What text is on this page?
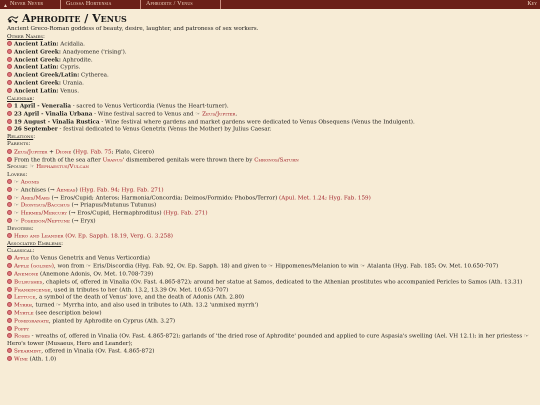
▲ Never Never	Glossa Hortensia	Aphrodite / Venus	Key
Aphrodite / Venus
Ancient Greco-Roman goddess of beauty, desire, laughter, and patroness of sex workers.
Other Names:
Ancient Latin: Acidalia.
Ancient Greek: Anadyomene ('rising').
Ancient Greek: Aphrodite.
Ancient Latin: Cypris.
Ancient Greek/Latin: Cytherea.
Ancient Greek: Urania.
Ancient Latin: Venus.
Calendar:
1 April - Veneralia - sacred to Venus Verticordia (Venus the Heart-turner).
23 April - Vinalia Urbana - Wine festival sacred to Venus and ☞ Zeus/Jupiter.
19 August - Vinalia Rustica - Wine festival where gardens and market gardens were dedicated to Venus Obsequens (Venus the Indulgent).
26 September - festival dedicated to Venus Genetrix (Venus the Mother) by Julius Caesar.
Relations:
Parents:
Zeus/Jupiter + Dione (Hyg. Fab. 75; Plato, Cicero)
From the froth of the sea after Uranus' dismembered genitals were thrown there by Chronos/Saturn
Spouse: ☞ Hephaestus/Vulcan
Lovers:
☞ Adonis
☞ Anchises (→ Aeneas) (Hyg. Fab. 94; Hyg. Fab. 271)
☞ Ares/Mars (→ Eros/Cupid; Anteros; Harmonia/Concordia; Deimos/Formido; Phobos/Terror) (Apul. Met. 1.24; Hyg. Fab. 159)
☞ Dionysus/Bacchus (→ Priapus/Mutunus Tutunus)
☞ Hermes/Mercury (→ Eros/Cupid, Hermaphroditus) (Hyg. Fab. 271)
☞ Poseidon/Neptune (→ Eryx)
Devotees:
Hero and Leander (Ov. Ep. Sapph. 18.19, Verg. G. 3.258)
Associated Emblems:
Classical:
Apple (to Venus Genetrix and Venus Verticordia)
Apple (golden), won from ☞ Eris/Discordia (Hyg. Fab. 92, Ov. Ep. Sapph. 18) and given to ☞ Hippomenes/Melanion to win ☞ Atalanta (Hyg. Fab. 185; Ov. Met. 10.650-707)
Anemone (Anemone Adonis, Ov. Met. 10.708-739)
Bulrushes, chaplets of, offered in Vinalia (Ov. Fast. 4.865-872); around her statue at Samos, dedicated to the Athenian prostitutes who accompanied Pericles to Samos (Ath. 13.31)
Frankincense, used in tributes to her (Ath. 13.2, 13.39 Ov. Met. 10.653-707)
Lettuce, a symbol of the death of Venus' love, and the death of Adonis (Ath. 2.80)
Myrrh, turned ☞ Myrrha into, and also used in tributes to (Ath. 13.2 'unmixed myrrh')
Myrtle (see description below)
Pomegranate, planted by Aphrodite on Cyprus (Ath. 3.27)
Poppy
Roses - wreaths of, offered in Vinalia (Ov. Fast. 4.865-872); garlands of 'the dried rose of Aphrodite' pounded and applied to cure Aspasia's swelling (Ael. VH 12.1); in her priestess ☞ Hero's tower (Musaeus, Hero and Leander);
Spearmint, offered in Vinalia (Ov. Fast. 4.865-872)
Wine (Ath. 1.0)
